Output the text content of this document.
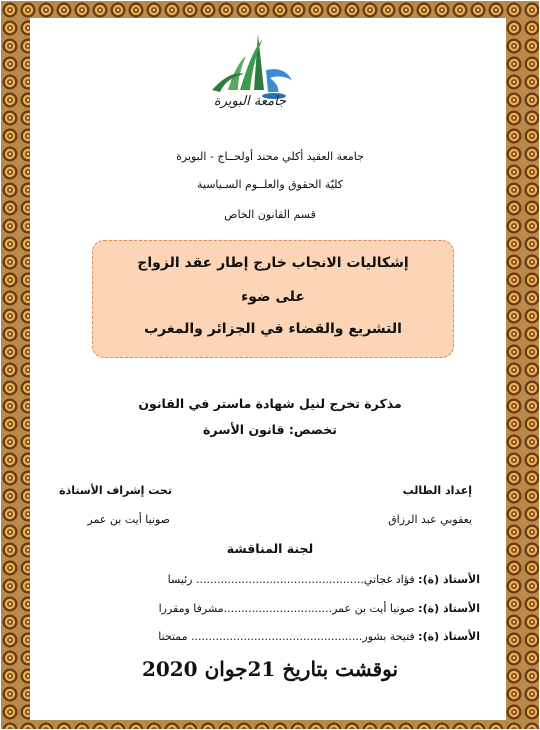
جامعة البويرة
جامعة العقيد أكلي محند أولحــاج - البويرة
كليّة الحقوق والعلــوم السـياسية
قسم القانون الخاص
إشكاليات الانجاب خارج إطار عقد الزواج
على ضوء
التشريع والقضاء في الجزائر والمغرب
مذكرة تخرج لنيل شهادة ماستر في القانون
تخصص: قانون الأسرة
إعداد الطالب
يعقوبي عبد الرزاق
تحت إشراف الأستاذة
صونيا أيت بن عمر
لجنة المناقشة
الأستاذ (ة): فؤاد غجاتي................................................ رئيسا
الأستاذ (ة): صونيا أيت بن عمر...............................مشرفا ومقررا
الأستاذ (ة): فتيحة بشور................................................. ممتحنا
نوقشت بتاريخ 21جوان 2020
